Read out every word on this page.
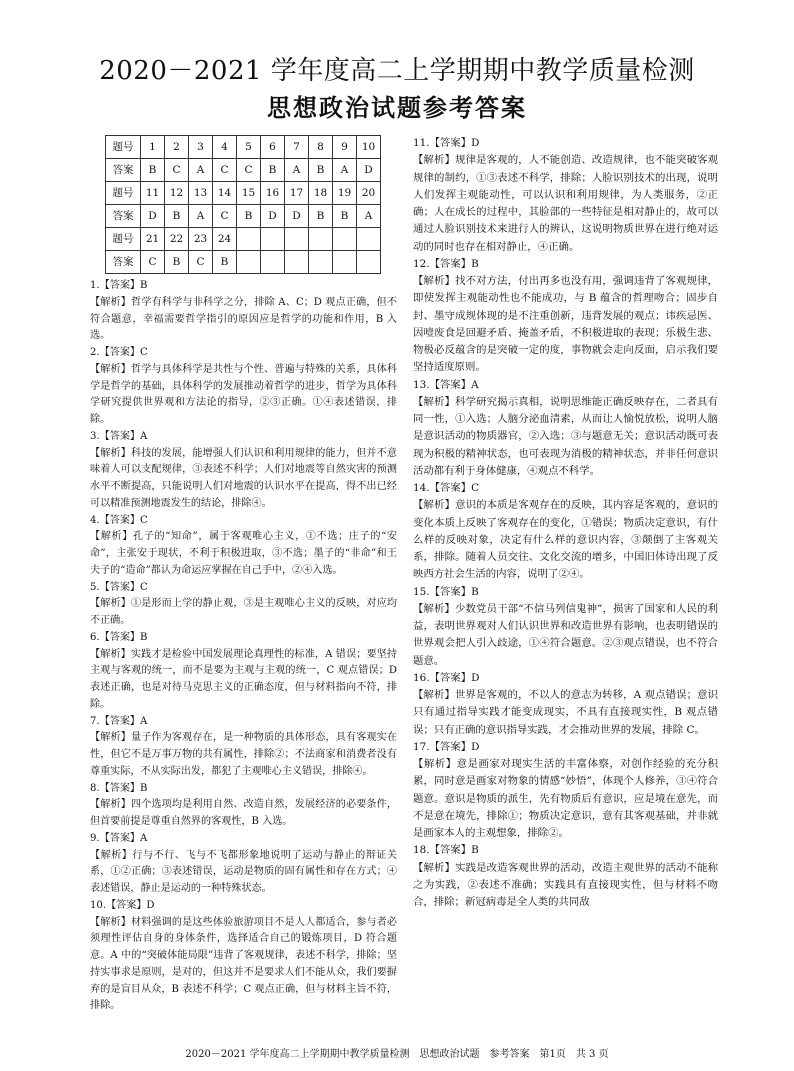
2020－2021 学年度高二上学期期中教学质量检测
思想政治试题参考答案
题号	1	2	3	4	5	6	7	8	9	10
答案	B	C	A	C	C	B	A	B	A	D
题号	11	12	13	14	15	16	17	18	19	20
答案	D	B	A	C	B	D	D	B	B	A
题号	21	22	23	24						
答案	C	B	C	B						

1.【答案】B

【解析】哲学有科学与非科学之分，排除 A、C；D 观点正确，但不符合题意，幸福需要哲学指引的原因应是哲学的功能和作用，B 入选。

2.【答案】C

【解析】哲学与具体科学是共性与个性、普遍与特殊的关系，具体科学是哲学的基础，具体科学的发展推动着哲学的进步，哲学为具体科学研究提供世界观和方法论的指导，②③正确。①④表述错误，排除。

3.【答案】A

【解析】科技的发展，能增强人们认识和利用规律的能力，但并不意味着人可以支配规律，③表述不科学；人们对地震等自然灾害的预测水平不断提高，只能说明人们对地震的认识水平在提高，得不出已经可以精准预测地震发生的结论，排除④。

4.【答案】C

【解析】孔子的“知命”，属于客观唯心主义，①不选；庄子的“安命”，主张安于现状，不利于积极进取，③不选；墨子的“非命”和王夫子的“造命”都认为命运应掌握在自己手中，②④入选。

5.【答案】C

【解析】①是形而上学的静止观，③是主观唯心主义的反映，对应均不正确。

6.【答案】B

【解析】实践才是检验中国发展理论真理性的标准，A 错误；要坚持主观与客观的统一，而不是要为主观与主观的统一，C 观点错误；D 表述正确，也是对待马克思主义的正确态度，但与材料指向不符，排除。

7.【答案】A

【解析】量子作为客观存在，是一种物质的具体形态，具有客观实在性，但它不是万事万物的共有属性，排除②；不法商家和消费者没有尊重实际，不从实际出发，都犯了主观唯心主义错误，排除④。

8.【答案】B

【解析】四个选项均是利用自然、改造自然，发展经济的必要条件，但首要前提是尊重自然界的客观性，B 入选。

9.【答案】A

【解析】行与不行、飞与不飞都形象地说明了运动与静止的辩证关系，①②正确；③表述错误，运动是物质的固有属性和存在方式；④表述错误，静止是运动的一种特殊状态。

10.【答案】D

【解析】材料强调的是这些体验旅游项目不是人人都适合，参与者必须理性评估自身的身体条件，选择适合自己的锻炼项目，D 符合题意。A 中的“突破体能局限”违背了客观规律，表述不科学，排除；坚持实事求是原则，是对的，但这并不是要求人们不能从众，我们要摒弃的是盲目从众，B 表述不科学；C 观点正确，但与材料主旨不符，排除。

11.【答案】D

【解析】规律是客观的，人不能创造、改造规律，也不能突破客观规律的制约，①③表述不科学，排除；人脸识别技术的出现，说明人们发挥主观能动性，可以认识和利用规律，为人类服务，②正确；人在成长的过程中，其脸部的一些特征是相对静止的，故可以通过人脸识别技术来进行人的辨认，这说明物质世界在进行绝对运动的同时也存在相对静止，④正确。

12.【答案】B

【解析】找不对方法，付出再多也没有用，强调违背了客观规律，即使发挥主观能动性也不能成功，与 B 蕴含的哲理吻合；固步自封、墨守成规体现的是不注重创新，违背发展的观点；讳疾忌医、因噎废食是回避矛盾、掩盖矛盾，不积极进取的表现；乐极生悲、物极必反蕴含的是突破一定的度，事物就会走向反面，启示我们要坚持适度原则。

13.【答案】A

【解析】科学研究揭示真相，说明思维能正确反映存在，二者具有同一性，①入选；人脑分泌血清素，从而让人愉悦放松，说明人脑是意识活动的物质器官，②入选；③与题意无关；意识活动既可表现为积极的精神状态，也可表现为消极的精神状态，并非任何意识活动都有利于身体健康，④观点不科学。

14.【答案】C

【解析】意识的本质是客观存在的反映，其内容是客观的，意识的变化本质上反映了客观存在的变化，①错误；物质决定意识，有什么样的反映对象，决定有什么样的意识内容，③颠倒了主客观关系，排除。随着人员交往、文化交流的增多，中国旧体诗出现了反映西方社会生活的内容，说明了②④。

15.【答案】B

【解析】少数党员干部“不信马列信鬼神”，损害了国家和人民的利益，表明世界观对人们认识世界和改造世界有影响，也表明错误的世界观会把人引入歧途，①④符合题意。②③观点错误，也不符合题意。

16.【答案】D

【解析】世界是客观的，不以人的意志为转移，A 观点错误；意识只有通过指导实践才能变成现实，不具有直接现实性，B 观点错误；只有正确的意识指导实践，才会推动世界的发展，排除 C。

17.【答案】D

【解析】意是画家对现实生活的丰富体察，对创作经验的充分积累，同时意是画家对物象的情感“妙悟”，体现个人修养，③④符合题意。意识是物质的派生，先有物质后有意识，应是境在意先，而不是意在境先，排除①；物质决定意识，意有其客观基础，并非就是画家本人的主观想象，排除②。

18.【答案】B

【解析】实践是改造客观世界的活动，改造主观世界的活动不能称之为实践，②表述不准确；实践具有直接现实性，但与材料不吻合，排除；新冠病毒是全人类的共同敌

2020－2021 学年度高二上学期期中教学质量检测　思想政治试题　参考答案　第1页　共 3 页
